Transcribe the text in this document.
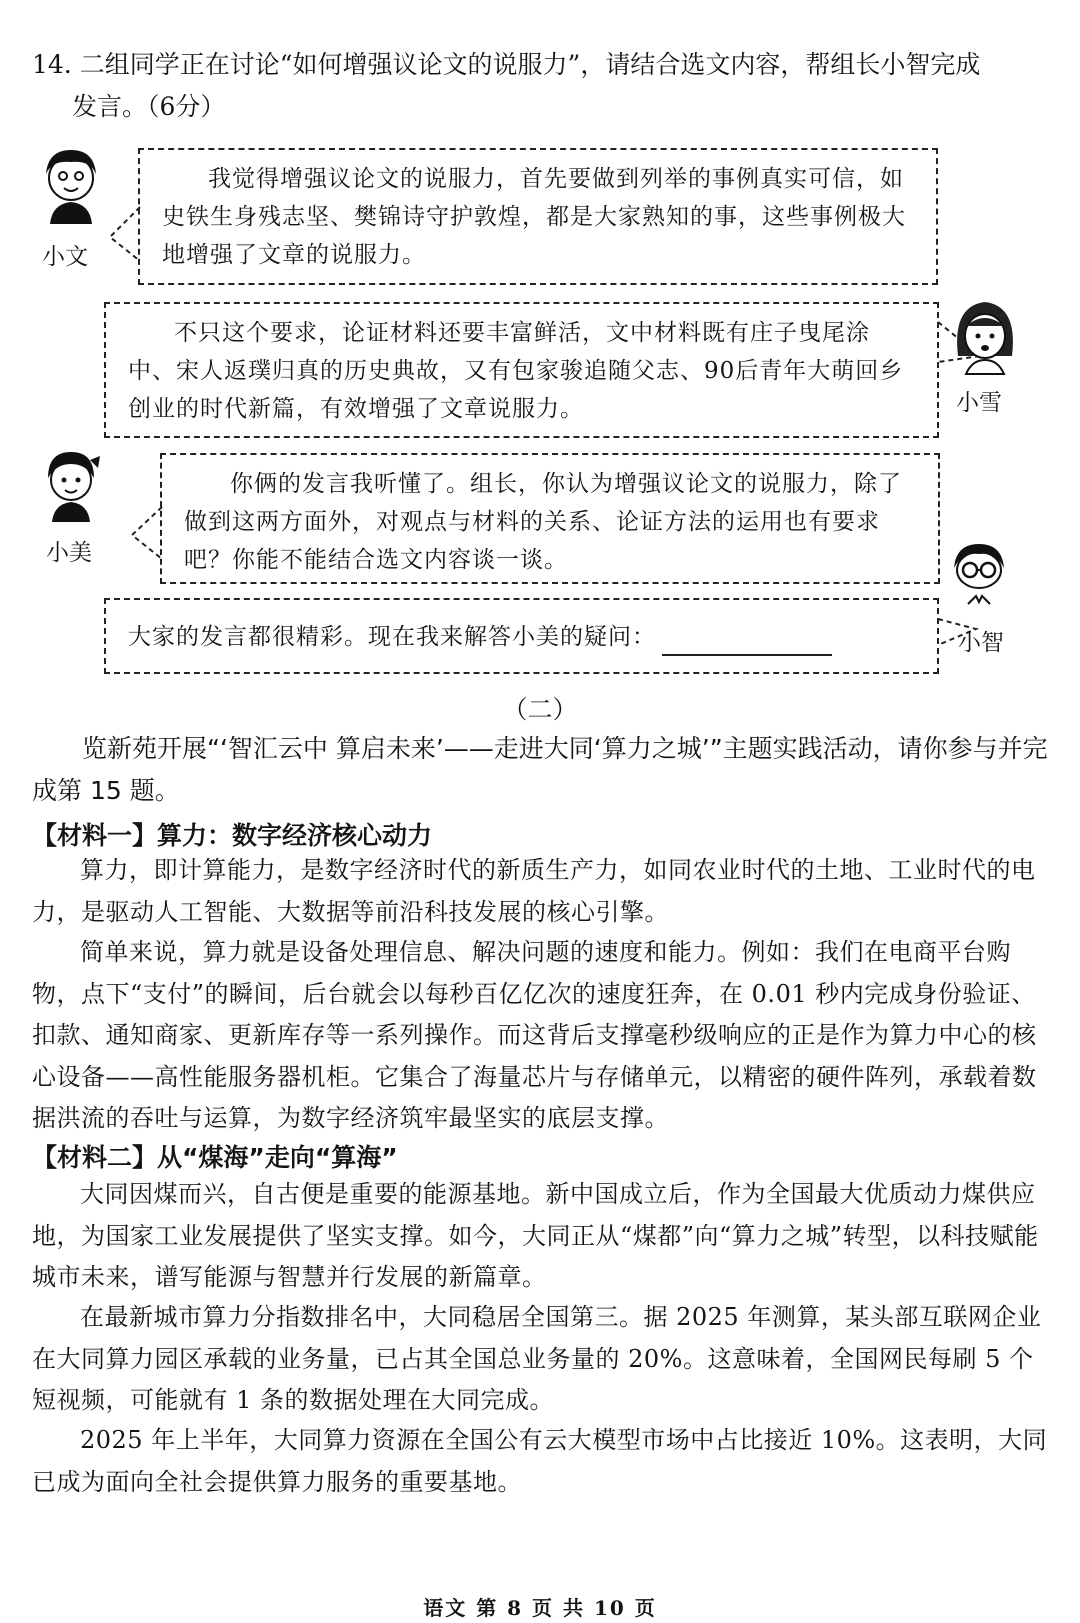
14. 二组同学正在讨论“如何增强议论文的说服力”，请结合选文内容，帮组长小智完成
发言。（6分）

我觉得增强议论文的说服力，首先要做到列举的事例真实可信，如史铁生身残志坚、樊锦诗守护敦煌，都是大家熟知的事，这些事例极大地增强了文章的说服力。

不只这个要求，论证材料还要丰富鲜活，文中材料既有庄子曳尾涂中、宋人返璞归真的历史典故，又有包家骏追随父志、90后青年大萌回乡创业的时代新篇，有效增强了文章说服力。

你俩的发言我听懂了。组长，你认为增强议论文的说服力，除了做到这两方面外，对观点与材料的关系、论证方法的运用也有要求吧？你能不能结合选文内容谈一谈。

大家的发言都很精彩。现在我来解答小美的疑问：

小文
小雪
小美
小智
（二）
览新苑开展“‘智汇云中 算启未来’——走进大同‘算力之城’”主题实践活动，请你参与并完成第 15 题。
【材料一】算力：数字经济核心动力
算力，即计算能力，是数字经济时代的新质生产力，如同农业时代的土地、工业时代的电力，是驱动人工智能、大数据等前沿科技发展的核心引擎。
简单来说，算力就是设备处理信息、解决问题的速度和能力。例如：我们在电商平台购物，点下“支付”的瞬间，后台就会以每秒百亿亿次的速度狂奔，在 0.01 秒内完成身份验证、扣款、通知商家、更新库存等一系列操作。而这背后支撑毫秒级响应的正是作为算力中心的核心设备——高性能服务器机柜。它集合了海量芯片与存储单元，以精密的硬件阵列，承载着数据洪流的吞吐与运算，为数字经济筑牢最坚实的底层支撑。
【材料二】从“煤海”走向“算海”
大同因煤而兴，自古便是重要的能源基地。新中国成立后，作为全国最大优质动力煤供应地，为国家工业发展提供了坚实支撑。如今，大同正从“煤都”向“算力之城”转型，以科技赋能城市未来，谱写能源与智慧并行发展的新篇章。
在最新城市算力分指数排名中，大同稳居全国第三。据 2025 年测算，某头部互联网企业在大同算力园区承载的业务量，已占其全国总业务量的 20%。这意味着，全国网民每刷 5 个短视频，可能就有 1 条的数据处理在大同完成。
2025 年上半年，大同算力资源在全国公有云大模型市场中占比接近 10%。这表明，大同已成为面向全社会提供算力服务的重要基地。
语文 第 8 页 共 10 页
